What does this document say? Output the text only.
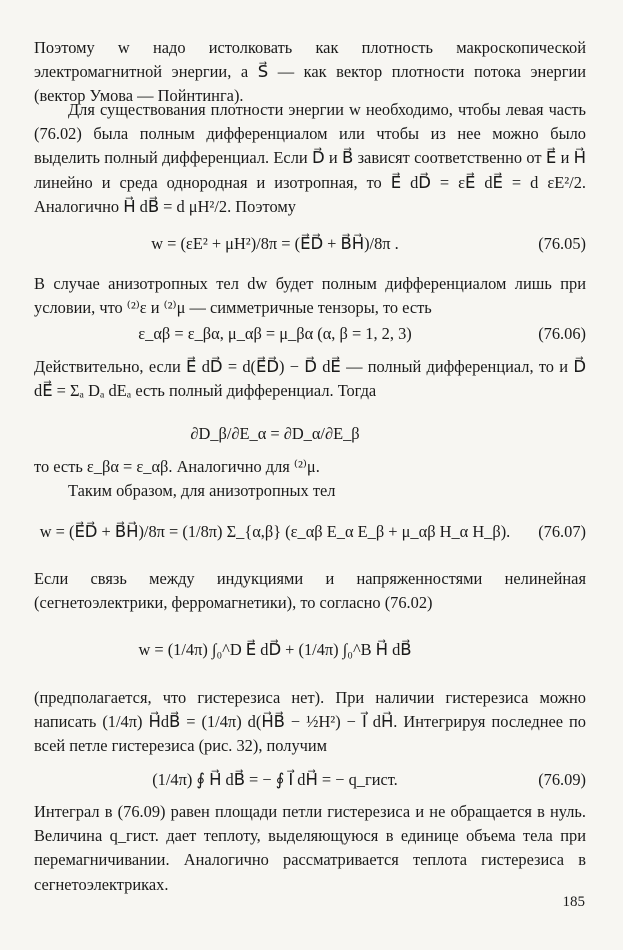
Поэтому w надо истолковать как плотность макроскопической электромагнитной энергии, а S⃗ — как вектор плотности потока энергии (вектор Умова — Пойнтинга).

Для существования плотности энергии w необходимо, чтобы левая часть (76.02) была полным дифференциалом или чтобы из нее можно было выделить полный дифференциал. Если D⃗ и B⃗ зависят соответственно от E⃗ и H⃗ линейно и среда однородная и изотропная, то E⃗ dD⃗ = εE⃗ dE⃗ = d εE²/2. Аналогично H⃗ dB⃗ = d μH²/2. Поэтому

w = (εE² + μH²)/8π = (E⃗D⃗ + B⃗H⃗)/8π .	(76.05)

В случае анизотропных тел dw будет полным дифференциалом лишь при условии, что ⁽²⁾ε и ⁽²⁾μ — симметричные тензоры, то есть

ε_αβ = ε_βα, μ_αβ = μ_βα (α, β = 1, 2, 3)	(76.06)

Действительно, если E⃗ dD⃗ = d(E⃗D⃗) − D⃗ dE⃗ — полный дифференциал, то и D⃗ dE⃗ = Σₐ Dₐ dEₐ есть полный дифференциал. Тогда

∂D_β/∂E_α = ∂D_α/∂E_β

то есть ε_βα = ε_αβ. Аналогично для ⁽²⁾μ.

Таким образом, для анизотропных тел

w = (E⃗D⃗ + B⃗H⃗)/8π = (1/8π) Σ_{α,β} (ε_αβ E_α E_β + μ_αβ H_α H_β).	(76.07)

Если связь между индукциями и напряженностями нелинейная (сегнетоэлектрики, ферромагнетики), то согласно (76.02)

w = (1/4π) ∫₀^D E⃗ dD⃗ + (1/4π) ∫₀^B H⃗ dB⃗

(предполагается, что гистерезиса нет). При наличии гистерезиса можно написать (1/4π) H⃗dB⃗ = (1/4π) d(H⃗B⃗ − ½H²) − I⃗ dH⃗. Интегрируя последнее по всей петле гистерезиса (рис. 32), получим

(1/4π) ∮ H⃗ dB⃗ = − ∮ I⃗ dH⃗ = − q_гист.	(76.09)

Интеграл в (76.09) равен площади петли гистерезиса и не обращается в нуль. Величина q_гист. дает теплоту, выделяющуюся в единице объема тела при перемагничивании. Аналогично рассматривается теплота гистерезиса в сегнетоэлектриках.

185
